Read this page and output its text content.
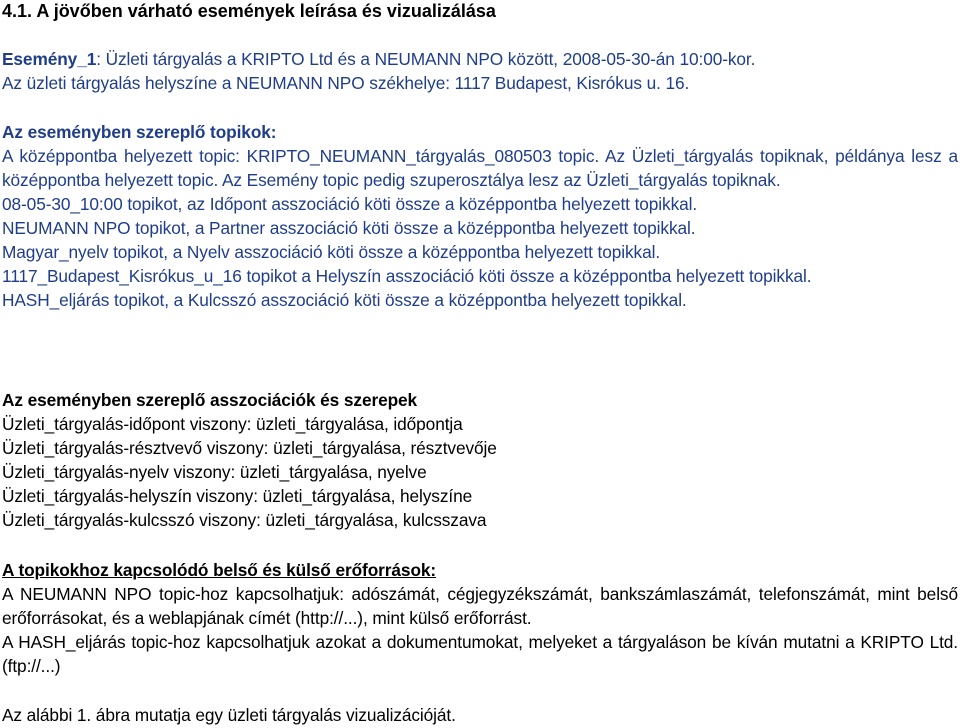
4.1. A jövőben várható események leírása és vizualizálása

Esemény_1: Üzleti tárgyalás a KRIPTO Ltd és a NEUMANN NPO között, 2008-05-30-án 10:00-kor.

Az üzleti tárgyalás helyszíne a NEUMANN NPO székhelye: 1117 Budapest, Kisrókus u. 16.

Az eseményben szereplő topikok:

A középpontba helyezett topic: KRIPTO_NEUMANN_tárgyalás_080503 topic. Az Üzleti_tárgyalás topiknak, példánya lesz a középpontba helyezett topic. Az Esemény topic pedig szuperosztálya lesz az Üzleti_tárgyalás topiknak.

08-05-30_10:00 topikot, az Időpont asszociáció köti össze a középpontba helyezett topikkal.

NEUMANN NPO topikot, a Partner asszociáció köti össze a középpontba helyezett topikkal.

Magyar_nyelv topikot, a Nyelv asszociáció köti össze a középpontba helyezett topikkal.

1117_Budapest_Kisrókus_u_16 topikot a Helyszín asszociáció köti össze a középpontba helyezett topikkal.

HASH_eljárás topikot, a Kulcsszó asszociáció köti össze a középpontba helyezett topikkal.

Az eseményben szereplő asszociációk és szerepek

Üzleti_tárgyalás-időpont viszony: üzleti_tárgyalása, időpontja

Üzleti_tárgyalás-résztvevő viszony: üzleti_tárgyalása, résztvevője

Üzleti_tárgyalás-nyelv viszony: üzleti_tárgyalása, nyelve

Üzleti_tárgyalás-helyszín viszony: üzleti_tárgyalása, helyszíne

Üzleti_tárgyalás-kulcsszó viszony: üzleti_tárgyalása, kulcsszava

A topikokhoz kapcsolódó belső és külső erőforrások:

A NEUMANN NPO topic-hoz kapcsolhatjuk: adószámát, cégjegyzékszámát, bankszámlaszámát, telefonszámát, mint belső erőforrásokat, és a weblapjának címét (http://...), mint külső erőforrást.

A HASH_eljárás topic-hoz kapcsolhatjuk azokat a dokumentumokat, melyeket a tárgyaláson be kíván mutatni a KRIPTO Ltd. (ftp://...)

Az alábbi 1. ábra mutatja egy üzleti tárgyalás vizualizációját.
